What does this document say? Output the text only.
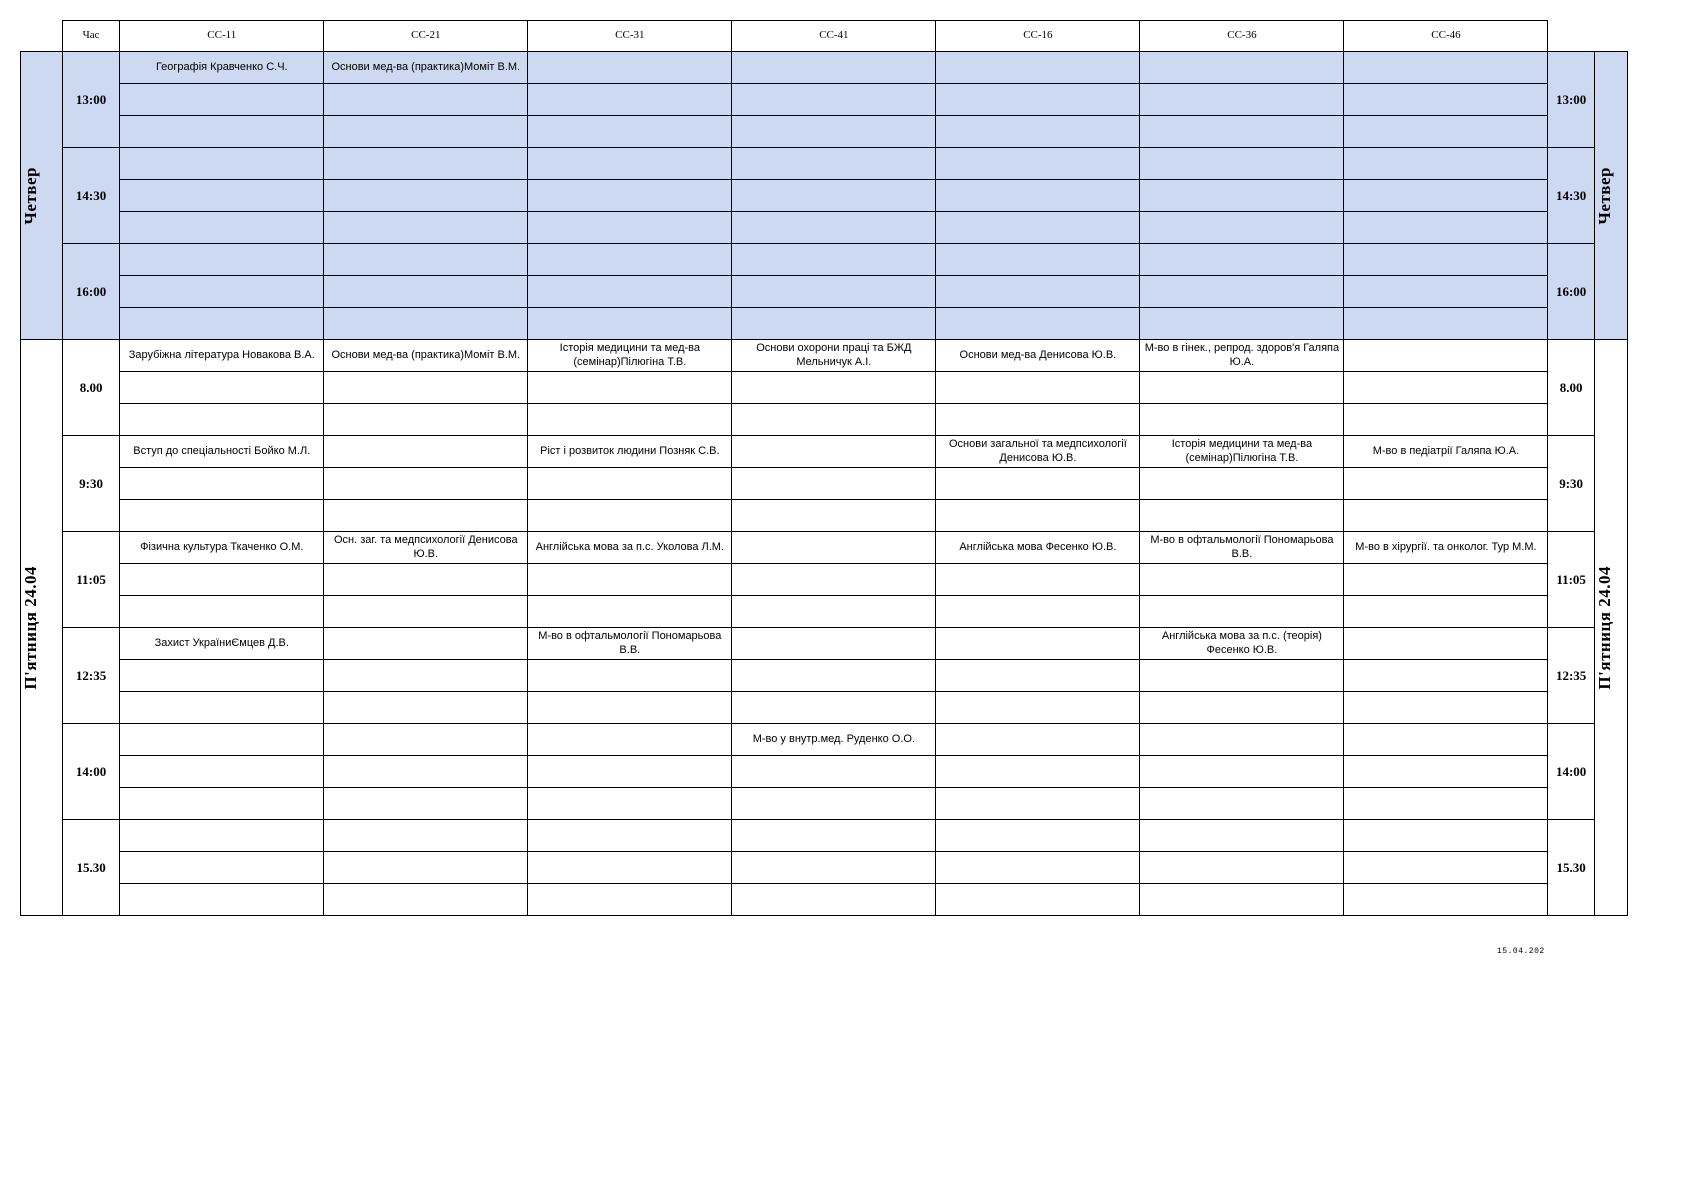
	Час	СС-11	СС-21	СС-31	СС-41	СС-16	СС-36	СС-46		

Четвер	13:00	Географія Кравченко С.Ч.	Основи мед-ва (практика)Моміт В.М.						13:00	Четвер

	14:30								14:30	

	16:00								16:00	

П'ятниця 24.04	8.00	Зарубіжна література Новакова В.А.	Основи мед-ва (практика)Моміт В.М.	Історія медицини та мед-ва (семінар)Пілюгіна Т.В.	Основи охорони праці та БЖД Мельничук А.І.	Основи мед-ва Денисова Ю.В.	М-во в гінек., репрод. здоров'я Галяпа Ю.А.		8.00	П'ятниця 24.04

	9:30	Вступ до спеціальності Бойко М.Л.		Ріст і розвиток людини Позняк С.В.		Основи загальної та медпсихології Денисова Ю.В.	Історія медицини та мед-ва (семінар)Пілюгіна Т.В.	М-во в педіатрії Галяпа Ю.А.	9:30	

	11:05	Фізична культура Ткаченко О.М.	Осн. заг. та медпсихології Денисова Ю.В.	Англійська мова за п.с. Уколова Л.М.		Англійська мова Фесенко Ю.В.	М-во в офтальмології Пономарьова В.В.	М-во в хірургії. та онколог. Тур М.М.	11:05	

	12:35	Захист УкраїниЄмцев Д.В.		М-во в офтальмології Пономарьова В.В.			Англійська мова за п.с. (теорія) Фесенко Ю.В.		12:35	

	14:00				М-во у внутр.мед. Руденко О.О.				14:00	

	15.30								15.30	

15.04.202
